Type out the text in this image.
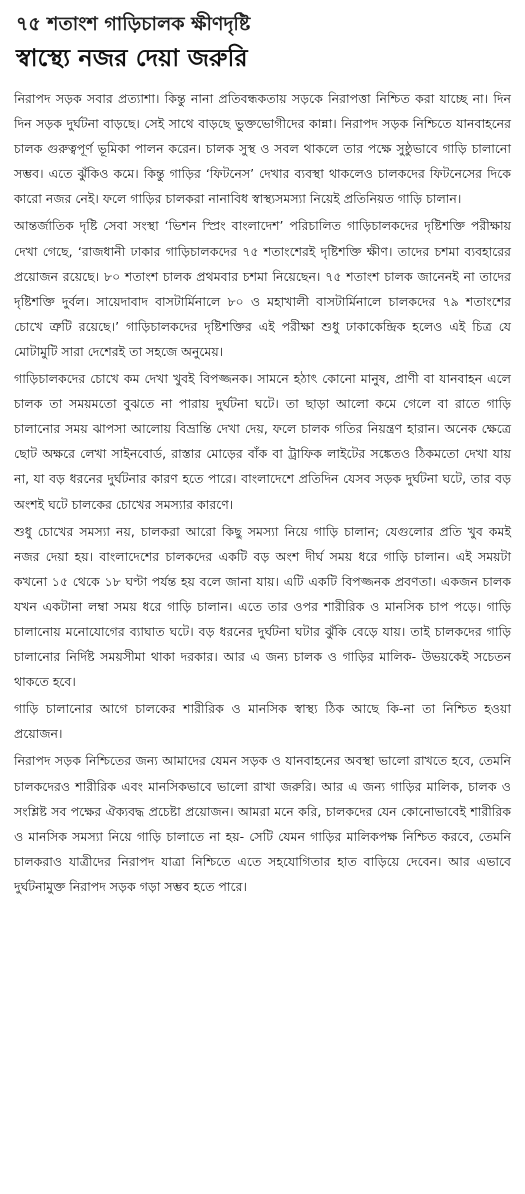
৭৫ শতাংশ গাড়িচালক ক্ষীণদৃষ্টি
স্বাস্থ্যে নজর দেয়া জরুরি

নিরাপদ সড়ক সবার প্রত্যাশা। কিন্তু নানা প্রতিবন্ধকতায় সড়কে নিরাপত্তা নিশ্চিত করা যাচ্ছে না। দিন দিন সড়ক দুর্ঘটনা বাড়ছে। সেই সাথে বাড়ছে ভুক্তভোগীদের কান্না। নিরাপদ সড়ক নিশ্চিতে যানবাহনের চালক গুরুত্বপূর্ণ ভূমিকা পালন করেন। চালক সুস্থ ও সবল থাকলে তার পক্ষে সুষ্ঠুভাবে গাড়ি চালানো সম্ভব। এতে ঝুঁকিও কমে। কিন্তু গাড়ির ‘ফিটনেস’ দেখার ব্যবস্থা থাকলেও চালকদের ফিটনেসের দিকে কারো নজর নেই। ফলে গাড়ির চালকরা নানাবিধ স্বাস্থ্যসমস্যা নিয়েই প্রতিনিয়ত গাড়ি চালান।

আন্তর্জাতিক দৃষ্টি সেবা সংস্থা ‘ভিশন স্প্রিং বাংলাদেশ’ পরিচালিত গাড়িচালকদের দৃষ্টিশক্তি পরীক্ষায় দেখা গেছে, ‘রাজধানী ঢাকার গাড়িচালকদের ৭৫ শতাংশেরই দৃষ্টিশক্তি ক্ষীণ। তাদের চশমা ব্যবহারের প্রয়োজন রয়েছে। ৮০ শতাংশ চালক প্রথমবার চশমা নিয়েছেন। ৭৫ শতাংশ চালক জানেনই না তাদের দৃষ্টিশক্তি দুর্বল। সায়েদাবাদ বাসটার্মিনালে ৮০ ও মহাখালী বাসটার্মিনালে চালকদের ৭৯ শতাংশের চোখে ত্রুটি রয়েছে।’ গাড়িচালকদের দৃষ্টিশক্তির এই পরীক্ষা শুধু ঢাকাকেন্দ্রিক হলেও এই চিত্র যে মোটামুটি সারা দেশেরই তা সহজে অনুমেয়।

গাড়িচালকদের চোখে কম দেখা খুবই বিপজ্জনক। সামনে হঠাৎ কোনো মানুষ, প্রাণী বা যানবাহন এলে চালক তা সময়মতো বুঝতে না পারায় দুর্ঘটনা ঘটে। তা ছাড়া আলো কমে গেলে বা রাতে গাড়ি চালানোর সময় ঝাপসা আলোয় বিভ্রান্তি দেখা দেয়, ফলে চালক গতির নিয়ন্ত্রণ হারান। অনেক ক্ষেত্রে ছোট অক্ষরে লেখা সাইনবোর্ড, রাস্তার মোড়ের বাঁক বা ট্রাফিক লাইটের সঙ্কেতও ঠিকমতো দেখা যায় না, যা বড় ধরনের দুর্ঘটনার কারণ হতে পারে। বাংলাদেশে প্রতিদিন যেসব সড়ক দুর্ঘটনা ঘটে, তার বড় অংশই ঘটে চালকের চোখের সমস্যার কারণে।

শুধু চোখের সমস্যা নয়, চালকরা আরো কিছু সমস্যা নিয়ে গাড়ি চালান; যেগুলোর প্রতি খুব কমই নজর দেয়া হয়। বাংলাদেশের চালকদের একটি বড় অংশ দীর্ঘ সময় ধরে গাড়ি চালান। এই সময়টা কখনো ১৫ থেকে ১৮ ঘণ্টা পর্যন্ত হয় বলে জানা যায়। এটি একটি বিপজ্জনক প্রবণতা। একজন চালক যখন একটানা লম্বা সময় ধরে গাড়ি চালান। এতে তার ওপর শারীরিক ও মানসিক চাপ পড়ে। গাড়ি চালানোয় মনোযোগের ব্যাঘাত ঘটে। বড় ধরনের দুর্ঘটনা ঘটার ঝুঁকি বেড়ে যায়। তাই চালকদের গাড়ি চালানোর নির্দিষ্ট সময়সীমা থাকা দরকার। আর এ জন্য চালক ও গাড়ির মালিক- উভয়কেই সচেতন থাকতে হবে।

গাড়ি চালানোর আগে চালকের শারীরিক ও মানসিক স্বাস্থ্য ঠিক আছে কি-না তা নিশ্চিত হওয়া প্রয়োজন।

নিরাপদ সড়ক নিশ্চিতের জন্য আমাদের যেমন সড়ক ও যানবাহনের অবস্থা ভালো রাখতে হবে, তেমনি চালকদেরও শারীরিক এবং মানসিকভাবে ভালো রাখা জরুরি। আর এ জন্য গাড়ির মালিক, চালক ও সংশ্লিষ্ট সব পক্ষের ঐক্যবদ্ধ প্রচেষ্টা প্রয়োজন। আমরা মনে করি, চালকদের যেন কোনোভাবেই শারীরিক ও মানসিক সমস্যা নিয়ে গাড়ি চালাতে না হয়- সেটি যেমন গাড়ির মালিকপক্ষ নিশ্চিত করবে, তেমনি চালকরাও যাত্রীদের নিরাপদ যাত্রা নিশ্চিতে এতে সহযোগিতার হাত বাড়িয়ে দেবেন। আর এভাবে দুর্ঘটনামুক্ত নিরাপদ সড়ক গড়া সম্ভব হতে পারে।
